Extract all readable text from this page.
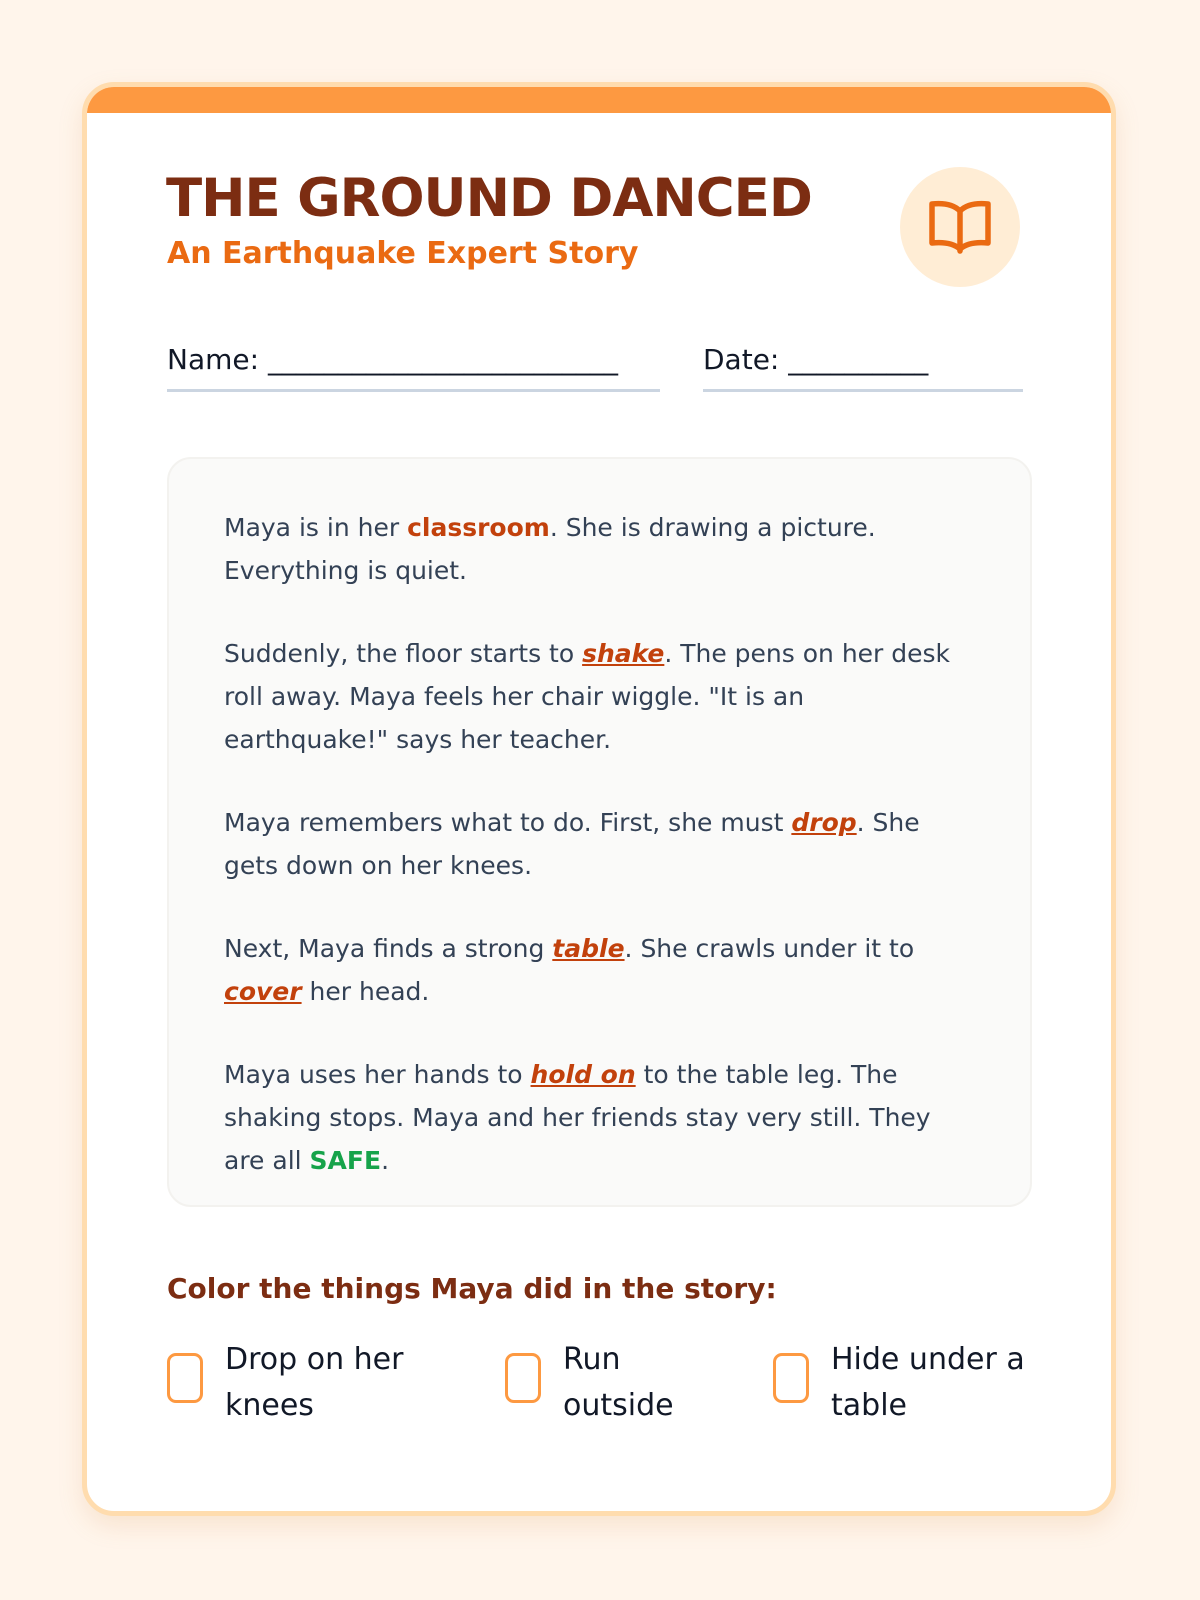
THE GROUND DANCED
An Earthquake Expert Story
Name: _________________________	Date: __________

Maya is in her classroom. She is drawing a picture. Everything is quiet.

Suddenly, the floor starts to shake. The pens on her desk roll away. Maya feels her chair wiggle. "It is an earthquake!" says her teacher.

Maya remembers what to do. First, she must drop. She gets down on her knees.

Next, Maya finds a strong table. She crawls under it to cover her head.

Maya uses her hands to hold on to the table leg. The shaking stops. Maya and her friends stay very still. They are all SAFE.

Color the things Maya did in the story:
Drop on her knees
Run outside
Hide under a table
